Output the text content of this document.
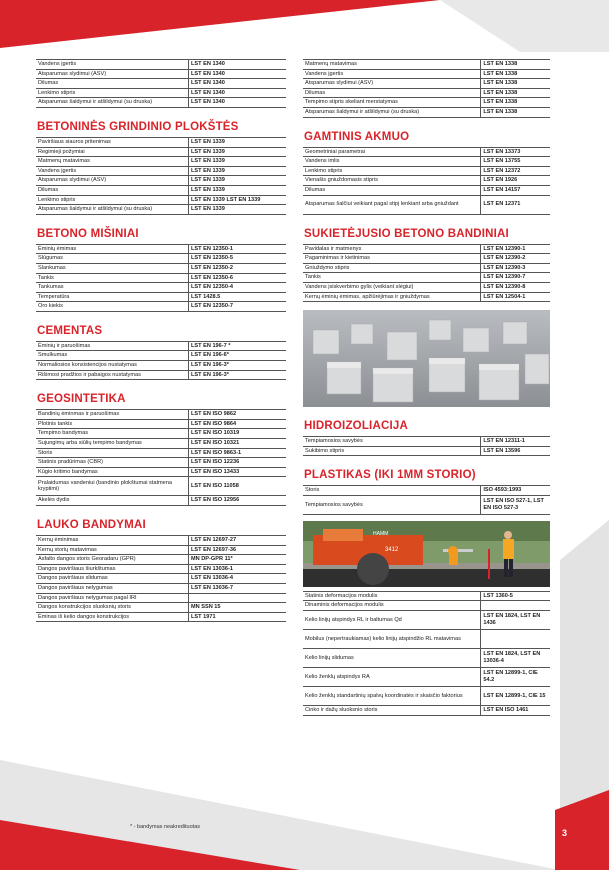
Vandens įgertis	LST EN 1340
Atsparumas slydimui (ASV)	LST EN 1340
Dilumas	LST EN 1340
Lenkimo stipris	LST EN 1340
Atsparumas šaldymui ir atšildymui (su druska)	LST EN 1340
BETONINĖS GRINDINIO PLOKŠTĖS
Paviršiaus siauros pritenimas	LST EN 1339
Regimieji požymiai	LST EN 1339
Matmenų matavimas	LST EN 1339
Vandens įgertis	LST EN 1339
Atsparumas slydimui (ASV)	LST EN 1339
Dilumas	LST EN 1339
Lenkimo stipris	LST EN 1339 LST EN 1339
Atsparumas šaldymui ir atšildymui (su druska)	LST EN 1339
BETONO MIŠINIAI
Ėminių ėmimas	LST EN 12350-1
Slūgumas	LST EN 12350-5
Slankumas	LST EN 12350-2
Tankis	LST EN 12350-6
Tankumas	LST EN 12350-4
Temperatūra	LST 1428.5
Oro kiekis	LST EN 12350-7
CEMENTAS
Ėminių ir paruošimas	LST EN 196-7 *
Smulkumas	LST EN 196-6*
Normaliosios konsistencijos nustatymas	LST EN 196-3*
Rišimosi pradžios ir pabaigos nustatymas	LST EN 196-3*
GEOSINTETIKA
Bandinių ėminmas ir paruošimas	LST EN ISO 9862
Plotinis tankis	LST EN ISO 9864
Tempimo bandymas	LST EN ISO 10319
Sujungimų arba siūlių tempimo bandymas	LST EN ISO 10321
Storis	LST EN ISO 9863-1
Statinis pradūrimas (CBR)	LST EN ISO 12236
Kūgio kritimo bandymas	LST EN ISO 13433
Pralaidumas vandeniui (bandinio plokštumai statmena kryptimi)	LST EN ISO 11058
Akelės dydis	LST EN ISO 12956
LAUKO BANDYMAI
Kernų ėminimas	LST EN 12697-27
Kernų storių matavimas	LST EN 12697-36
Asfalto dangos storis Georadaru (GPR)	MN DP-GPR 11*
Dangos paviršiaus šiurkštumas	LST EN 13036-1
Dangos paviršiaus slidumas	LST EN 13036-4
Dangos paviršiaus nelygumas	LST EN 13036-7
Dangos paviršiaus nelygumas pagal IRI	
Dangos konstrukcijos sluoksnių storis	MN SSN 15
Ėminas iš kelio dangos konstrukcijos	LST 1971
Matmenų matavimas	LST EN 1338
Vandens įgertis	LST EN 1338
Atsparumas slydimui (ASV)	LST EN 1338
Dilumas	LST EN 1338
Tempimo stipris skeliant merstatymas	LST EN 1338
Atsparumas šaldymui ir atšildymui (su druska)	LST EN 1338
GAMTINIS AKMUO
Geometriniai parametrai	LST EN 13373
Vandens imlis	LST EN 13755
Lenkimo stipris	LST EN 12372
Vienašis gniuždomasis stipris	LST EN 1926
Dilumas	LST EN 14157
Atsparumas šalčiui veikiant pagal stipį lenkiant arba gniuždant	LST EN 12371
SUKIETĖJUSIO BETONO BANDINIAI
Pavidalas ir matmenys	LST EN 12390-1
Pagaminimas ir kietinimas	LST EN 12390-2
Gniuždymo stipris	LST EN 12390-3
Tankis	LST EN 12390-7
Vandens įsiskverbimo gylis (veikiant slėgiui)	LST EN 12390-8
Kernų ėminių ėmimas, apžiūrėjimas ir gniuždymas	LST EN 12504-1
HIDROIZOLIACIJA
Tempiamosios savybės	LST EN 12311-1
Sukibimo stipris	LST EN 13596
PLASTIKAS (IKI 1MM STORIO)
Storis	ISO 4593:1993
Tempiamosios savybės	LST EN ISO 527-1, LST EN ISO 527-3
3412
HAMM
Statinis deformacijos modulis	LST 1360-5
Dinaminis deformacijos modulis	
Kelio linijų atspindys RL ir baltumas Qd	LST EN 1824, LST EN 1436
Mobilus (nepertraukiamas) kelio linijų atspindžio RL matavimas	
Kelio linijų slidumas	LST EN 1824, LST EN 13036-4
Kelio ženklų atspindys RA	LST EN 12899-1, CIE 54.2
Kelio ženklų standartinių spalvų koordinatės ir skaisčio faktorius	LST EN 12899-1, CIE 15
Cinko ir dažų sluoksnio storis	LST EN ISO 1461
* - bandymas neakredituotas
3
